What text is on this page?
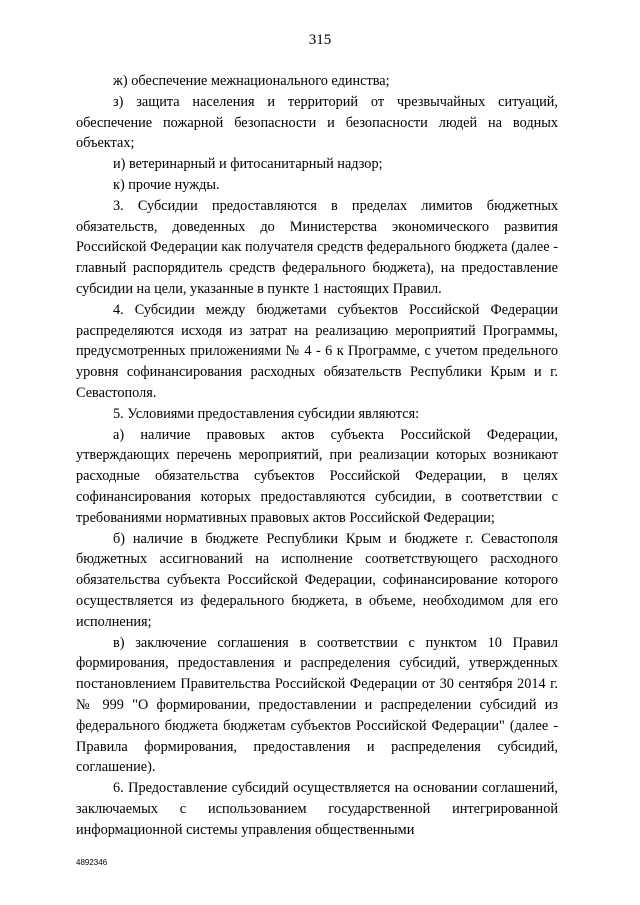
315

ж) обеспечение межнационального единства;

з) защита населения и территорий от чрезвычайных ситуаций, обеспечение пожарной безопасности и безопасности людей на водных объектах;

и) ветеринарный и фитосанитарный надзор;

к) прочие нужды.

3. Субсидии предоставляются в пределах лимитов бюджетных обязательств, доведенных до Министерства экономического развития Российской Федерации как получателя средств федерального бюджета (далее - главный распорядитель средств федерального бюджета), на предоставление субсидии на цели, указанные в пункте 1 настоящих Правил.

4. Субсидии между бюджетами субъектов Российской Федерации распределяются исходя из затрат на реализацию мероприятий Программы, предусмотренных приложениями № 4 - 6 к Программе, с учетом предельного уровня софинансирования расходных обязательств Республики Крым и г. Севастополя.

5. Условиями предоставления субсидии являются:

а) наличие правовых актов субъекта Российской Федерации, утверждающих перечень мероприятий, при реализации которых возникают расходные обязательства субъектов Российской Федерации, в целях софинансирования которых предоставляются субсидии, в соответствии с требованиями нормативных правовых актов Российской Федерации;

б) наличие в бюджете Республики Крым и бюджете г. Севастополя бюджетных ассигнований на исполнение соответствующего расходного обязательства субъекта Российской Федерации, софинансирование которого осуществляется из федерального бюджета, в объеме, необходимом для его исполнения;

в) заключение соглашения в соответствии с пунктом 10 Правил формирования, предоставления и распределения субсидий, утвержденных постановлением Правительства Российской Федерации от 30 сентября 2014 г. № 999 "О формировании, предоставлении и распределении субсидий из федерального бюджета бюджетам субъектов Российской Федерации" (далее - Правила формирования, предоставления и распределения субсидий, соглашение).

6. Предоставление субсидий осуществляется на основании соглашений, заключаемых с использованием государственной интегрированной информационной системы управления общественными

4892346
